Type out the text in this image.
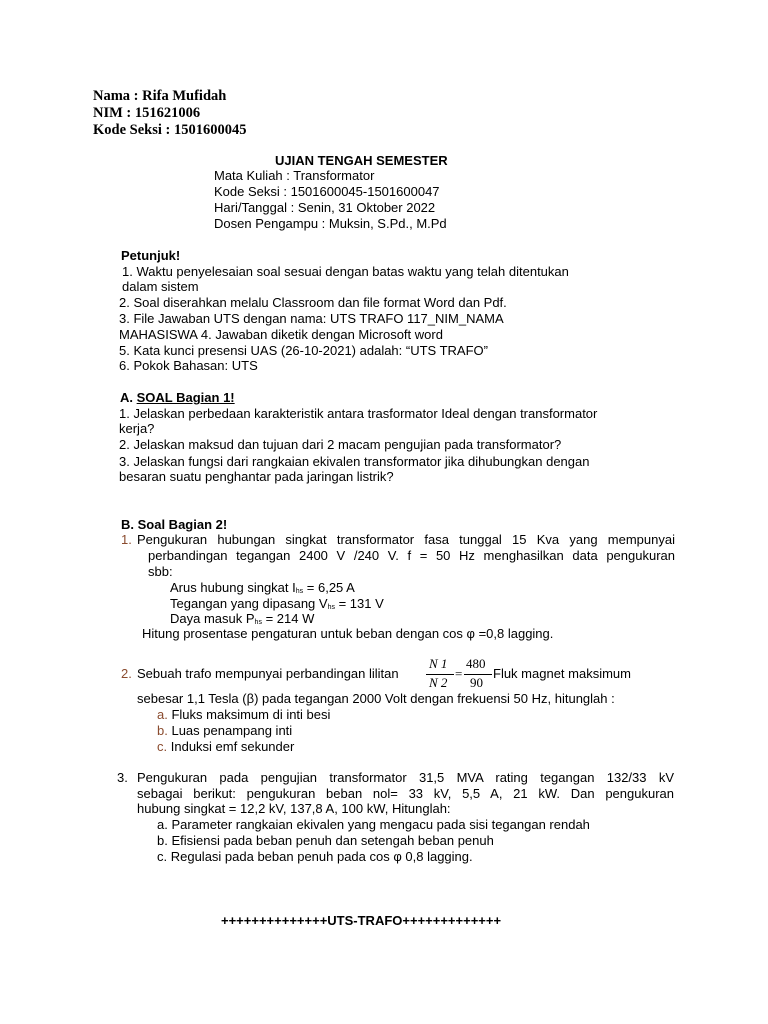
Nama : Rifa Mufidah
NIM : 151621006
Kode Seksi : 1501600045
UJIAN TENGAH SEMESTER
Mata Kuliah : Transformator
Kode Seksi : 1501600045-1501600047
Hari/Tanggal : Senin, 31 Oktober 2022
Dosen Pengampu : Muksin, S.Pd., M.Pd
Petunjuk!
1. Waktu penyelesaian soal sesuai dengan batas waktu yang telah ditentukan
dalam sistem
2. Soal diserahkan melalu Classroom dan file format Word dan Pdf.
3. File Jawaban UTS dengan nama: UTS TRAFO 117_NIM_NAMA
MAHASISWA 4. Jawaban diketik dengan Microsoft word
5. Kata kunci presensi UAS (26-10-2021) adalah: “UTS TRAFO”
6. Pokok Bahasan: UTS
A. SOAL Bagian 1!
1. Jelaskan perbedaan karakteristik antara trasformator Ideal dengan transformator
kerja?
2. Jelaskan maksud dan tujuan dari 2 macam pengujian pada transformator?
3. Jelaskan fungsi dari rangkaian ekivalen transformator jika dihubungkan dengan
besaran suatu penghantar pada jaringan listrik?
B. Soal Bagian 2!
1. Pengukuran hubungan singkat transformator fasa tunggal 15 Kva yang mempunyai
perbandingan tegangan 2400 V /240 V. f = 50 Hz menghasilkan data pengukuran
sbb:
Arus hubung singkat Ihs = 6,25 A
Tegangan yang dipasang Vhs = 131 V
Daya masuk Phs = 214 W
Hitung prosentase pengaturan untuk beban dengan cos φ =0,8 lagging.
2. Sebuah trafo mempunyai perbandingan lilitan
N 1
N 2
=
480
90
Fluk magnet maksimum
sebesar 1,1 Tesla (β) pada tegangan 2000 Volt dengan frekuensi 50 Hz, hitunglah :
a. Fluks maksimum di inti besi
b. Luas penampang inti
c. Induksi emf sekunder
3. Pengukuran pada pengujian transformator 31,5 MVA rating tegangan 132/33 kV
sebagai berikut: pengukuran beban nol= 33 kV, 5,5 A, 21 kW. Dan pengukuran
hubung singkat = 12,2 kV, 137,8 A, 100 kW, Hitunglah:
a. Parameter rangkaian ekivalen yang mengacu pada sisi tegangan rendah
b. Efisiensi pada beban penuh dan setengah beban penuh
c. Regulasi pada beban penuh pada cos φ 0,8 lagging.
++++++++++++++UTS-TRAFO+++++++++++++
